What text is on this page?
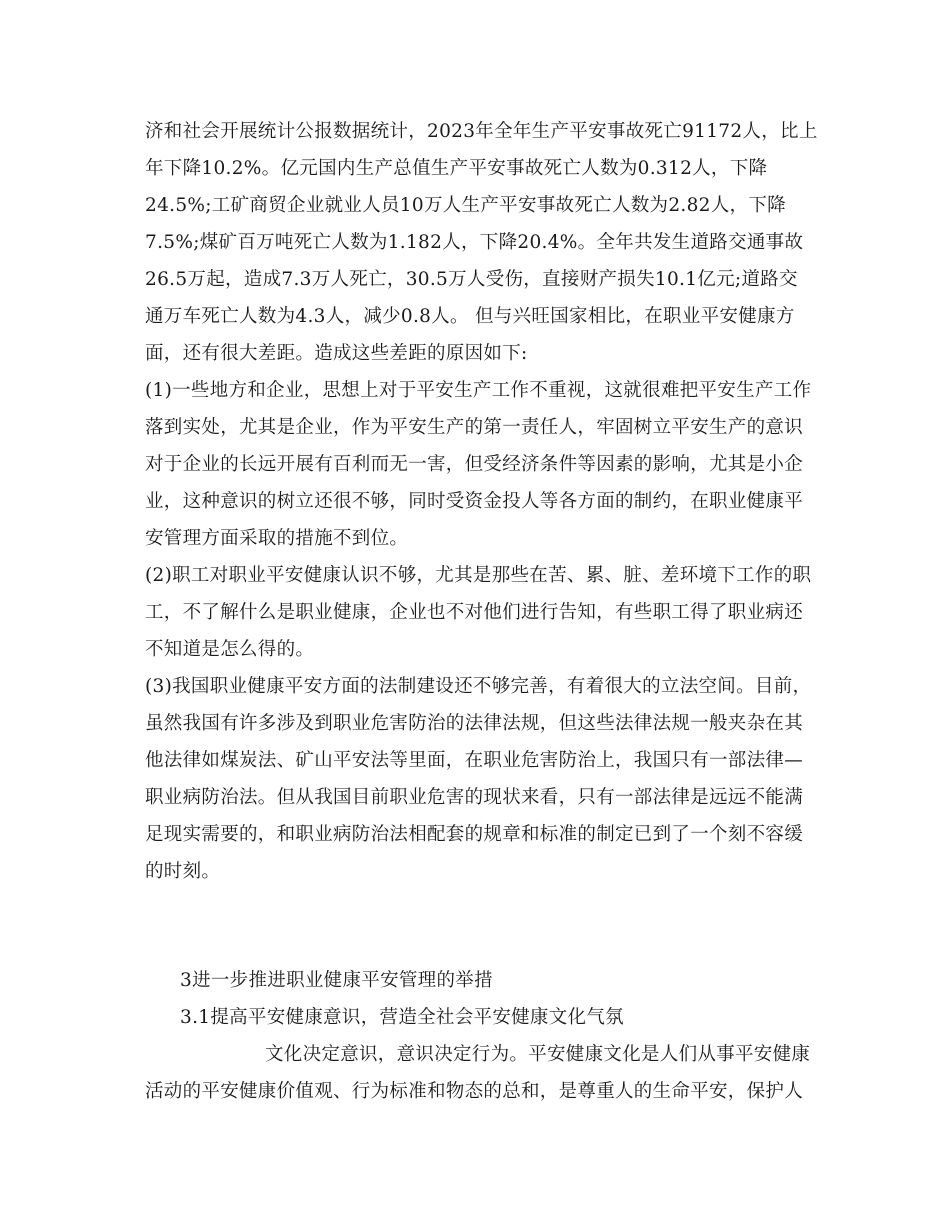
济和社会开展统计公报数据统计，2023年全年生产平安事故死亡91172人，比上
年下降10.2%。亿元国内生产总值生产平安事故死亡人数为0.312人，下降
24.5%;工矿商贸企业就业人员10万人生产平安事故死亡人数为2.82人，下降
7.5%;煤矿百万吨死亡人数为1.182人，下降20.4%。全年共发生道路交通事故
26.5万起，造成7.3万人死亡，30.5万人受伤，直接财产损失10.1亿元;道路交
通万车死亡人数为4.3人，减少0.8人。 但与兴旺国家相比，在职业平安健康方
面，还有很大差距。造成这些差距的原因如下:
(1)一些地方和企业，思想上对于平安生产工作不重视，这就很难把平安生产工作
落到实处，尤其是企业，作为平安生产的第一责任人，牢固树立平安生产的意识
对于企业的长远开展有百利而无一害，但受经济条件等因素的影响，尤其是小企
业，这种意识的树立还很不够，同时受资金投人等各方面的制约，在职业健康平
安管理方面采取的措施不到位。
(2)职工对职业平安健康认识不够，尤其是那些在苦、累、脏、差环境下工作的职
工，不了解什么是职业健康，企业也不对他们进行告知，有些职工得了职业病还
不知道是怎么得的。
(3)我国职业健康平安方面的法制建设还不够完善，有着很大的立法空间。目前，
虽然我国有许多涉及到职业危害防治的法律法规，但这些法律法规一般夹杂在其
他法律如煤炭法、矿山平安法等里面，在职业危害防治上，我国只有一部法律—
职业病防治法。但从我国目前职业危害的现状来看，只有一部法律是远远不能满
足现实需要的，和职业病防治法相配套的规章和标准的制定已到了一个刻不容缓
的时刻。
3进一步推进职业健康平安管理的举措
3.1提高平安健康意识，营造全社会平安健康文化气氛
文化决定意识，意识决定行为。平安健康文化是人们从事平安健康
活动的平安健康价值观、行为标准和物态的总和，是尊重人的生命平安，保护人
